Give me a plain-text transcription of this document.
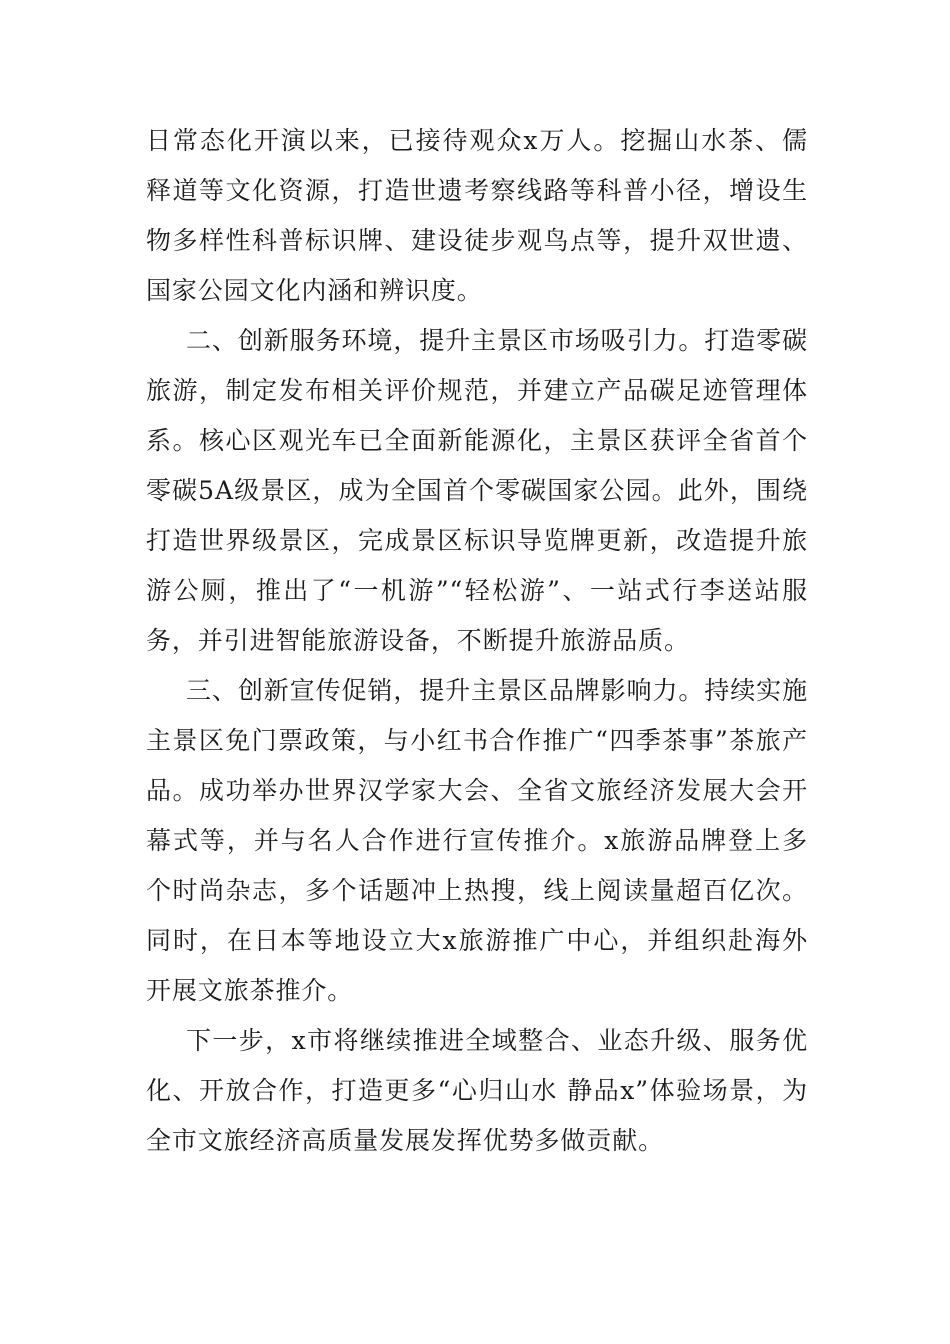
日常态化开演以来，已接待观众x万人。挖掘山水茶、儒释道等文化资源，打造世遗考察线路等科普小径，增设生物多样性科普标识牌、建设徒步观鸟点等，提升双世遗、国家公园文化内涵和辨识度。

二、创新服务环境，提升主景区市场吸引力。打造零碳旅游，制定发布相关评价规范，并建立产品碳足迹管理体系。核心区观光车已全面新能源化，主景区获评全省首个零碳5A级景区，成为全国首个零碳国家公园。此外，围绕打造世界级景区，完成景区标识导览牌更新，改造提升旅游公厕，推出了“一机游”“轻松游”、一站式行李送站服务，并引进智能旅游设备，不断提升旅游品质。

三、创新宣传促销，提升主景区品牌影响力。持续实施主景区免门票政策，与小红书合作推广“四季茶事”茶旅产品。成功举办世界汉学家大会、全省文旅经济发展大会开幕式等，并与名人合作进行宣传推介。x旅游品牌登上多个时尚杂志，多个话题冲上热搜，线上阅读量超百亿次。同时，在日本等地设立大x旅游推广中心，并组织赴海外开展文旅茶推介。

下一步，x市将继续推进全域整合、业态升级、服务优化、开放合作，打造更多“心归山水 静品x”体验场景，为全市文旅经济高质量发展发挥优势多做贡献。
